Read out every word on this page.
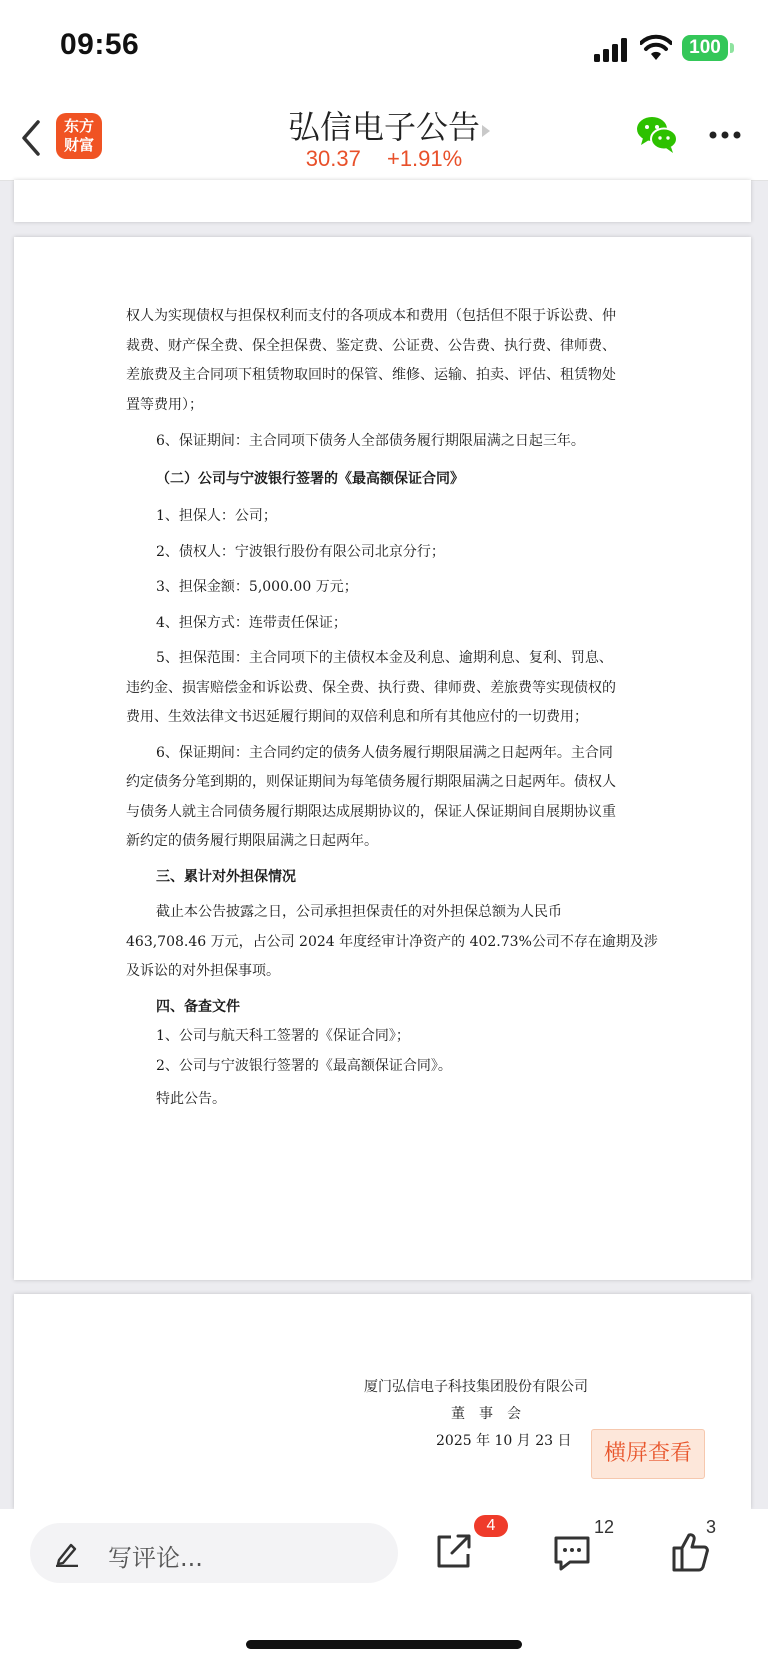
09:56	100
东方
财富	弘信电子公告
30.37 +1.91%
权人为实现债权与担保权利而支付的各项成本和费用（包括但不限于诉讼费、仲
裁费、财产保全费、保全担保费、鉴定费、公证费、公告费、执行费、律师费、
差旅费及主合同项下租赁物取回时的保管、维修、运输、拍卖、评估、租赁物处
置等费用）；
6、保证期间：主合同项下债务人全部债务履行期限届满之日起三年。
（二）公司与宁波银行签署的《最高额保证合同》
1、担保人：公司；
2、债权人：宁波银行股份有限公司北京分行；
3、担保金额：5,000.00 万元；
4、担保方式：连带责任保证；
5、担保范围：主合同项下的主债权本金及利息、逾期利息、复利、罚息、
违约金、损害赔偿金和诉讼费、保全费、执行费、律师费、差旅费等实现债权的
费用、生效法律文书迟延履行期间的双倍利息和所有其他应付的一切费用；
6、保证期间：主合同约定的债务人债务履行期限届满之日起两年。主合同
约定债务分笔到期的，则保证期间为每笔债务履行期限届满之日起两年。债权人
与债务人就主合同债务履行期限达成展期协议的，保证人保证期间自展期协议重
新约定的债务履行期限届满之日起两年。
三、累计对外担保情况
截止本公告披露之日，公司承担担保责任的对外担保总额为人民币
463,708.46 万元，占公司 2024 年度经审计净资产的 402.73%公司不存在逾期及涉
及诉讼的对外担保事项。
四、备查文件
1、公司与航天科工签署的《保证合同》；
2、公司与宁波银行签署的《最高额保证合同》。
特此公告。
厦门弘信电子科技集团股份有限公司
董　事　会
2025 年 10 月 23 日	横屏查看
写评论...
4	12	3
